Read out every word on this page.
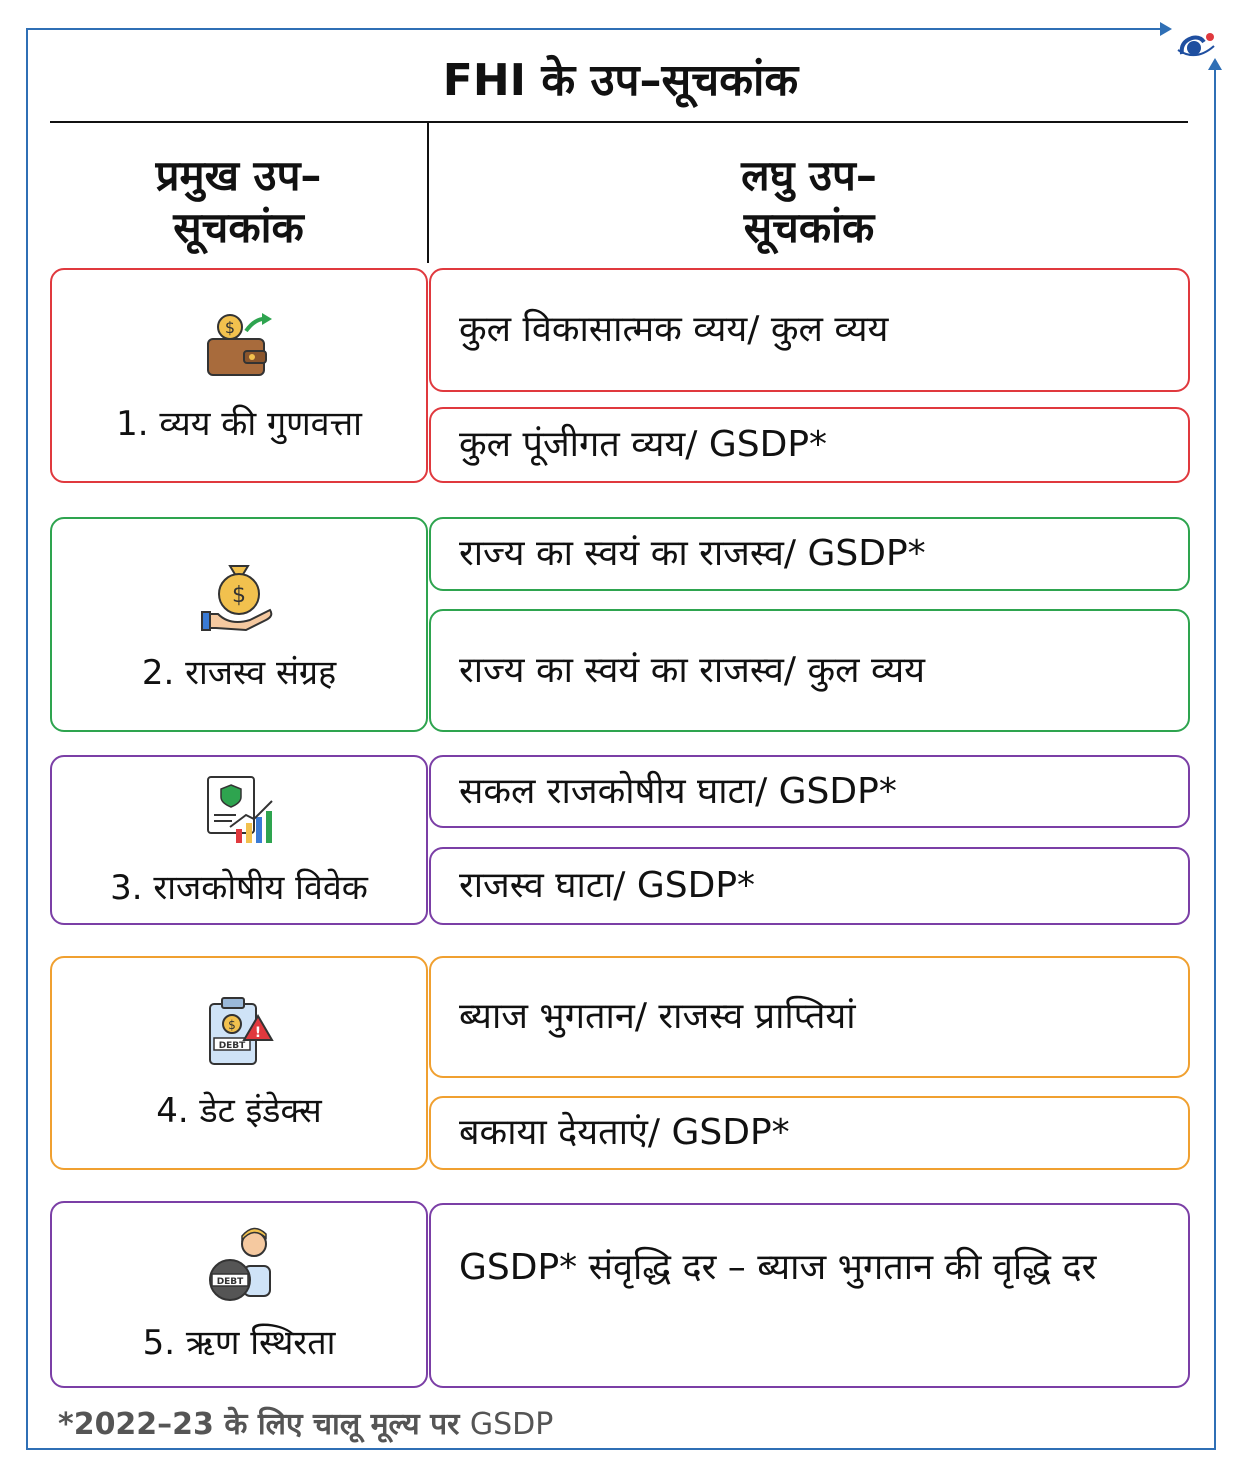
FHI के उप–सूचकांक
प्रमुख उप–
सूचकांक
लघु उप–
सूचकांक
$
1. व्यय की गुणवत्ता
कुल विकासात्मक व्यय/ कुल व्यय
कुल पूंजीगत व्यय/ GSDP*
$
2. राजस्व संग्रह
राज्य का स्वयं का राजस्व/ GSDP*
राज्य का स्वयं का राजस्व/ कुल व्यय
3. राजकोषीय विवेक
सकल राजकोषीय घाटा/ GSDP*
राजस्व घाटा/ GSDP*
$
DEBT
!
4. डेट इंडेक्स
ब्याज भुगतान/ राजस्व प्राप्तियां
बकाया देयताएं/ GSDP*
DEBT
5. ऋण स्थिरता
GSDP* संवृद्धि दर – ब्याज भुगतान की वृद्धि दर
*2022–23 के लिए चालू मूल्य पर GSDP
